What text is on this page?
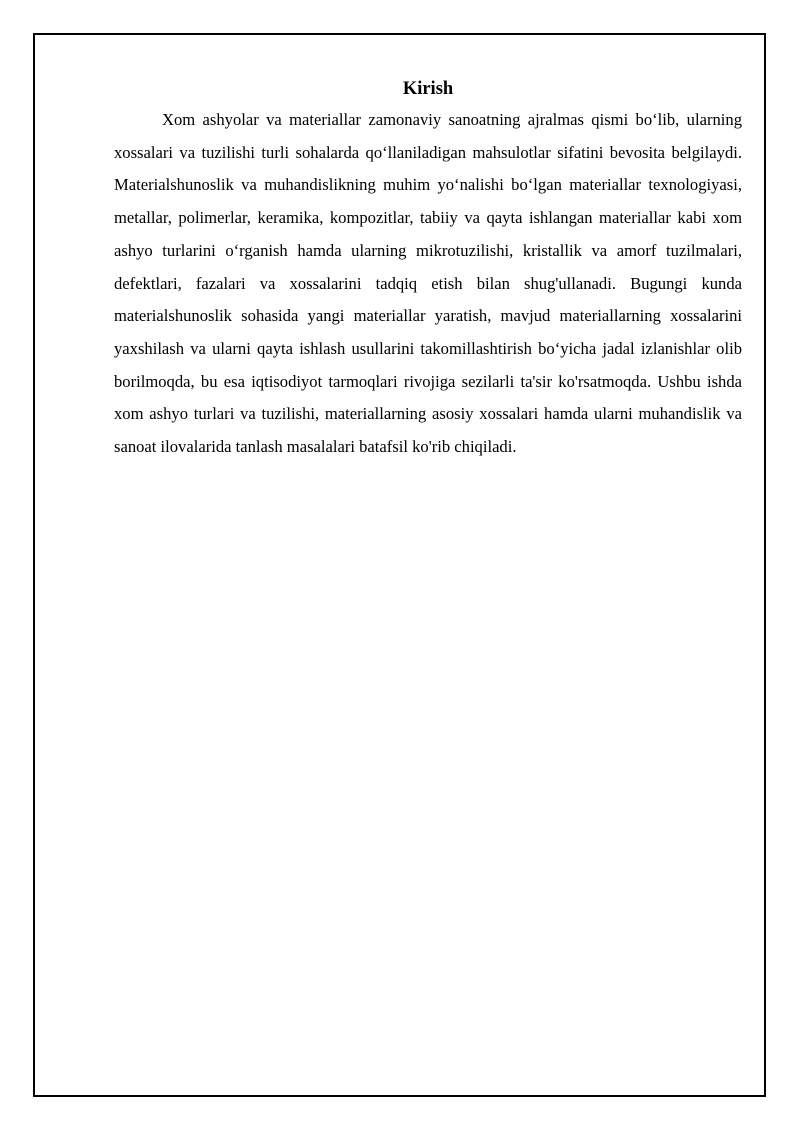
Kirish

Xom ashyolar va materiallar zamonaviy sanoatning ajralmas qismi bo‘lib, ularning xossalari va tuzilishi turli sohalarda qo‘llaniladigan mahsulotlar sifatini bevosita belgilaydi. Materialshunoslik va muhandislikning muhim yo‘nalishi bo‘lgan materiallar texnologiyasi, metallar, polimerlar, keramika, kompozitlar, tabiiy va qayta ishlangan materiallar kabi xom ashyo turlarini o‘rganish hamda ularning mikrotuzilishi, kristallik va amorf tuzilmalari, defektlari, fazalari va xossalarini tadqiq etish bilan shug'ullanadi. Bugungi kunda materialshunoslik sohasida yangi materiallar yaratish, mavjud materiallarning xossalarini yaxshilash va ularni qayta ishlash usullarini takomillashtirish bo‘yicha jadal izlanishlar olib borilmoqda, bu esa iqtisodiyot tarmoqlari rivojiga sezilarli ta'sir ko'rsatmoqda. Ushbu ishda xom ashyo turlari va tuzilishi, materiallarning asosiy xossalari hamda ularni muhandislik va sanoat ilovalarida tanlash masalalari batafsil ko'rib chiqiladi.
